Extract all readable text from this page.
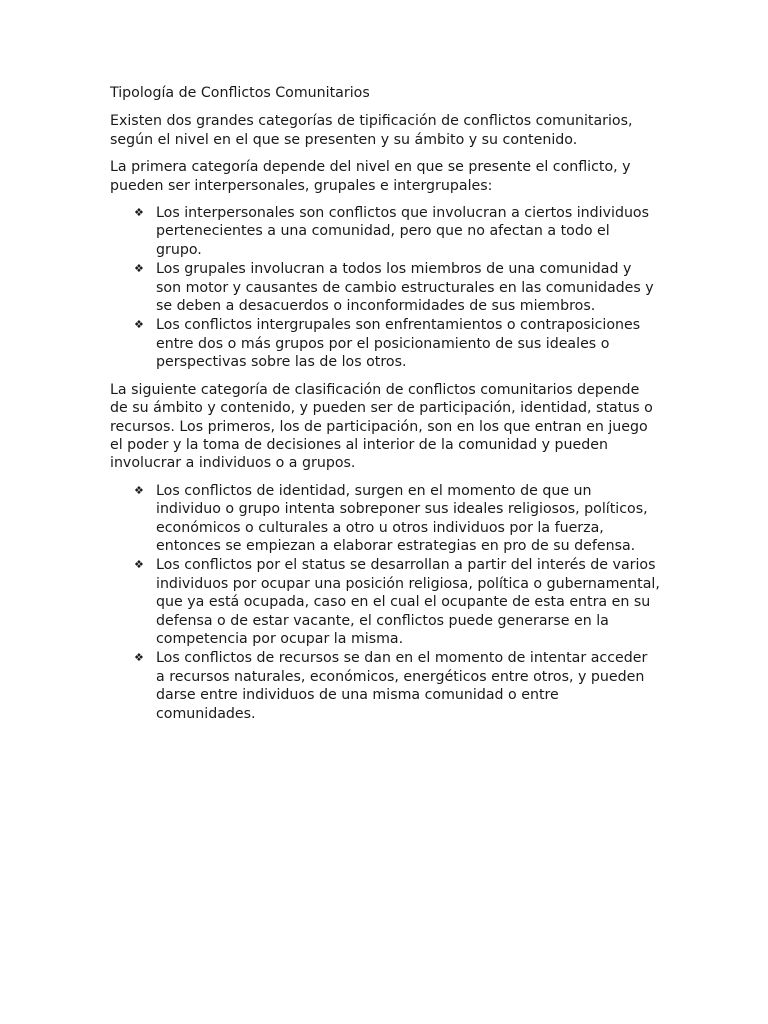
Tipología de Conflictos Comunitarios

Existen dos grandes categorías de tipificación de conflictos comunitarios, según el nivel en el que se presenten y su ámbito y su contenido.

La primera categoría depende del nivel en que se presente el conflicto, y pueden ser interpersonales, grupales e intergrupales:

❖ Los interpersonales son conflictos que involucran a ciertos individuos pertenecientes a una comunidad, pero que no afectan a todo el grupo.
❖ Los grupales involucran a todos los miembros de una comunidad y son motor y causantes de cambio estructurales en las comunidades y se deben a desacuerdos o inconformidades de sus miembros.
❖ Los conflictos intergrupales son enfrentamientos o contraposiciones entre dos o más grupos por el posicionamiento de sus ideales o perspectivas sobre las de los otros.

La siguiente categoría de clasificación de conflictos comunitarios depende de su ámbito y contenido, y pueden ser de participación, identidad, status o recursos. Los primeros, los de participación, son en los que entran en juego el poder y la toma de decisiones al interior de la comunidad y pueden involucrar a individuos o a grupos.

❖ Los conflictos de identidad, surgen en el momento de que un individuo o grupo intenta sobreponer sus ideales religiosos, políticos, económicos o culturales a otro u otros individuos por la fuerza, entonces se empiezan a elaborar estrategias en pro de su defensa.
❖ Los conflictos por el status se desarrollan a partir del interés de varios individuos por ocupar una posición religiosa, política o gubernamental, que ya está ocupada, caso en el cual el ocupante de esta entra en su defensa o de estar vacante, el conflictos puede generarse en la competencia por ocupar la misma.
❖ Los conflictos de recursos se dan en el momento de intentar acceder a recursos naturales, económicos, energéticos entre otros, y pueden darse entre individuos de una misma comunidad o entre comunidades.
